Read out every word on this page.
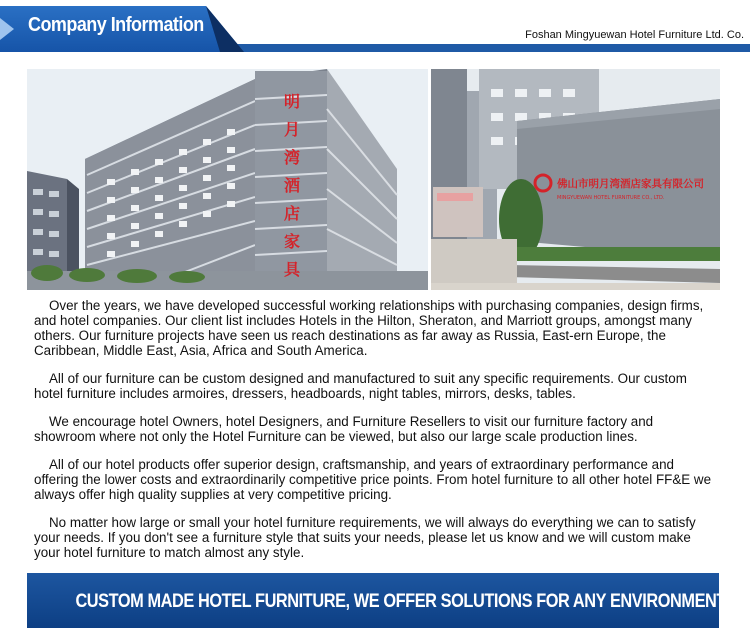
Company Information	Foshan Mingyuewan Hotel Furniture Ltd. Co.
明月湾酒店家具	佛山市明月湾酒店家具有限公司
MINGYUEWAN HOTEL FURNITURE CO., LTD.

Over the years, we have developed successful working relationships with purchasing companies, design firms, and hotel companies. Our client list includes Hotels in the Hilton, Sheraton, and Marriott groups, amongst many others. Our furniture projects have seen us reach destinations as far away as Russia, East-ern Europe, the Caribbean, Middle East, Asia, Africa and South America.

All of our furniture can be custom designed and manufactured to suit any specific requirements. Our custom hotel furniture includes armoires, dressers, headboards, night tables, mirrors, desks, tables.

We encourage hotel Owners, hotel Designers, and Furniture Resellers to visit our furniture factory and showroom where not only the Hotel Furniture can be viewed, but also our large scale production lines.

All of our hotel products offer superior design, craftsmanship, and years of extraordinary performance and offering the lower costs and extraordinarily competitive price points. From hotel furniture to all other hotel FF&E we always offer high quality supplies at very competitive pricing.

No matter how large or small your hotel furniture requirements, we will always do everything we can to satisfy your needs. If you don't see a furniture style that suits your needs, please let us know and we will custom make your hotel furniture to match almost any style.

CUSTOM MADE HOTEL FURNITURE, WE OFFER SOLUTIONS FOR ANY ENVIRONMENT.
